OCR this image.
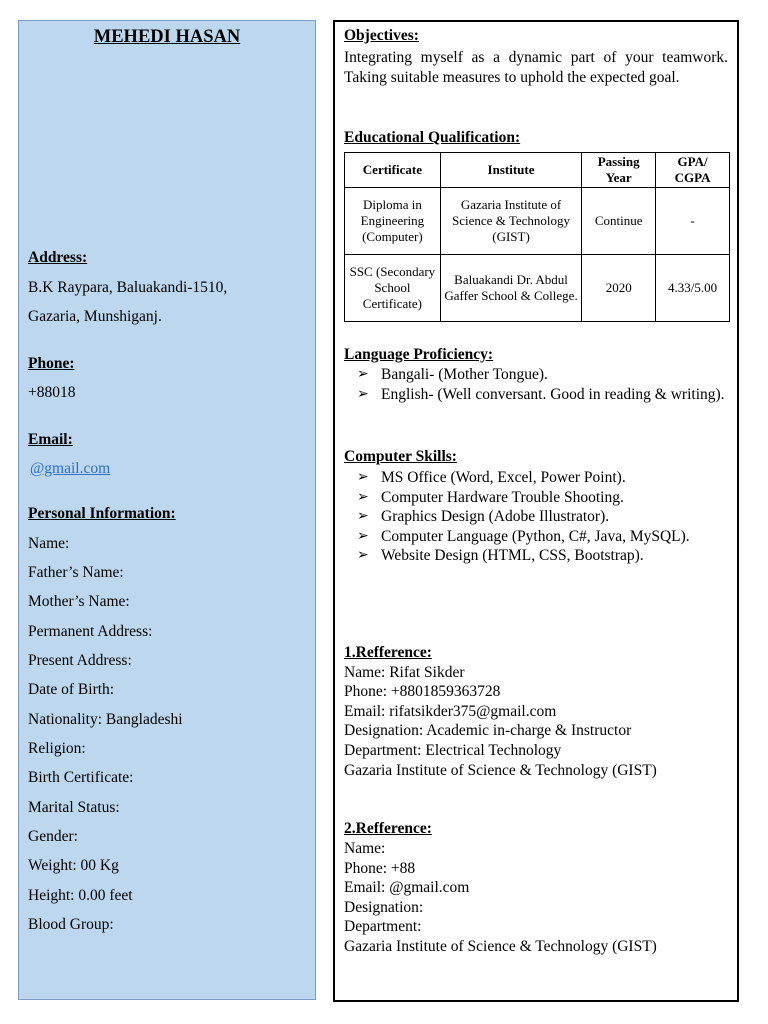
MEHEDI HASAN
Address:
B.K Raypara, Baluakandi-1510,
Gazaria, Munshiganj.
Phone:
+88018
Email:
@gmail.com
Personal Information:
Name:
Father’s Name:
Mother’s Name:
Permanent Address:
Present Address:
Date of Birth:
Nationality: Bangladeshi
Religion:
Birth Certificate:
Marital Status:
Gender:
Weight: 00 Kg
Height: 0.00 feet
Blood Group:
Objectives:
Integrating myself as a dynamic part of your teamwork. Taking suitable measures to uphold the expected goal.
Educational Qualification:
Certificate	Institute	Passing Year	GPA/ CGPA
Diploma in Engineering (Computer)	Gazaria Institute of Science & Technology (GIST)	Continue	-
SSC (Secondary School Certificate)	Baluakandi Dr. Abdul Gaffer School & College.	2020	4.33/5.00
Language Proficiency:
➢ Bangali- (Mother Tongue).
➢ English- (Well conversant. Good in reading & writing).
Computer Skills:
➢ MS Office (Word, Excel, Power Point).
➢ Computer Hardware Trouble Shooting.
➢ Graphics Design (Adobe Illustrator).
➢ Computer Language (Python, C#, Java, MySQL).
➢ Website Design (HTML, CSS, Bootstrap).
1.Refference:
Name: Rifat Sikder
Phone: +8801859363728
Email: rifatsikder375@gmail.com
Designation: Academic in-charge & Instructor
Department: Electrical Technology
Gazaria Institute of Science & Technology (GIST)
2.Refference:
Name:
Phone: +88
Email: @gmail.com
Designation:
Department:
Gazaria Institute of Science & Technology (GIST)
